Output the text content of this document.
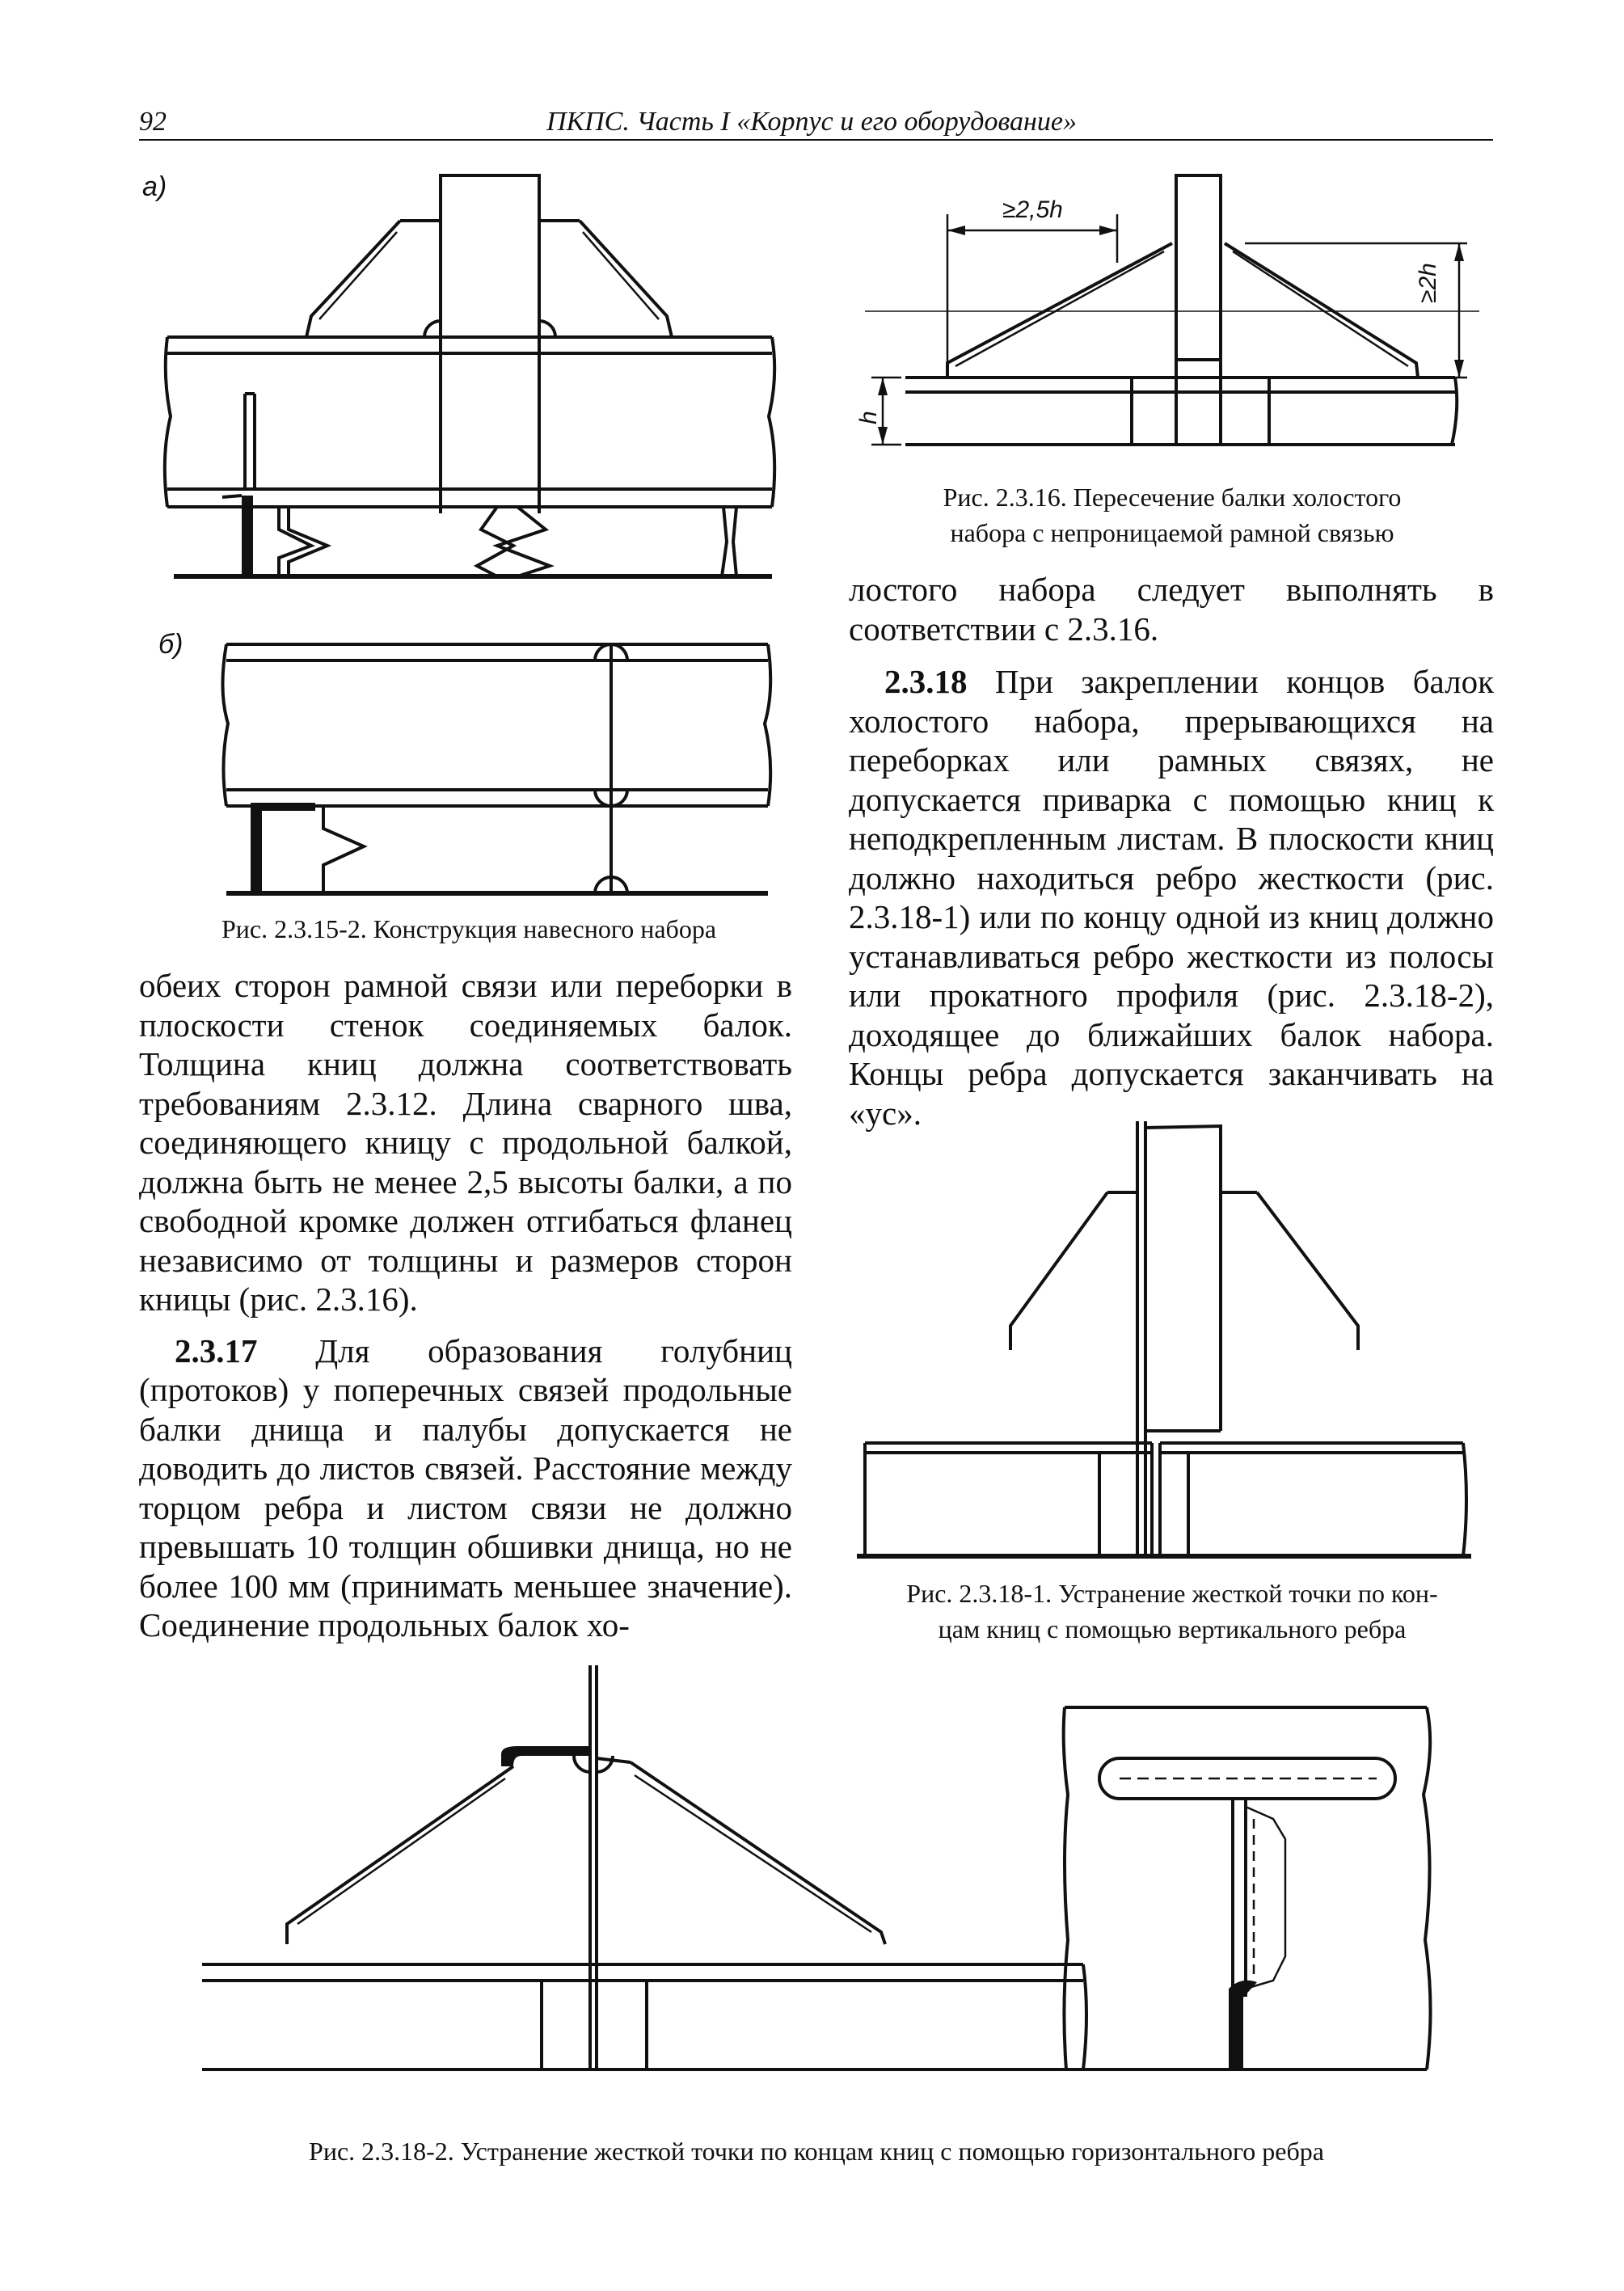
92	ПКПС. Часть I «Корпус и его оборудование»
а)
б)
Рис. 2.3.15-2. Конструкция навесного набора
≥2,5h
≥2h
h
Рис. 2.3.16. Пересечение балки холостого
набора с непроницаемой рамной связью

лостого набора следует выполнять в соответствии с 2.3.16.

2.3.18 При закреплении концов балок холостого набора, прерывающихся на переборках или рамных связях, не допускается приварка с помощью книц к неподкрепленным листам. В плоскости книц должно находиться ребро жесткости (рис. 2.3.18-1) или по концу одной из книц должно устанавливаться ребро жесткости из полосы или прокатного профиля (рис. 2.3.18-2), доходящее до ближайших балок набора. Концы ребра допускается заканчивать на «ус».

обеих сторон рамной связи или переборки в плоскости стенок соединяемых балок. Толщина книц должна соответствовать требованиям 2.3.12. Длина сварного шва, соединяющего кницу с продольной балкой, должна быть не менее 2,5 высоты балки, а по свободной кромке должен отгибаться фланец независимо от толщины и размеров сторон кницы (рис. 2.3.16).

2.3.17 Для образования голубниц (протоков) у поперечных связей продольные балки днища и палубы допускается не доводить до листов связей. Расстояние между торцом ребра и листом связи не должно превышать 10 толщин обшивки днища, но не более 100 мм (принимать меньшее значение). Соединение продольных балок хо-

Рис. 2.3.18-1. Устранение жесткой точки по кон-
цам книц с помощью вертикального ребра
Рис. 2.3.18-2. Устранение жесткой точки по концам книц с помощью горизонтального ребра
